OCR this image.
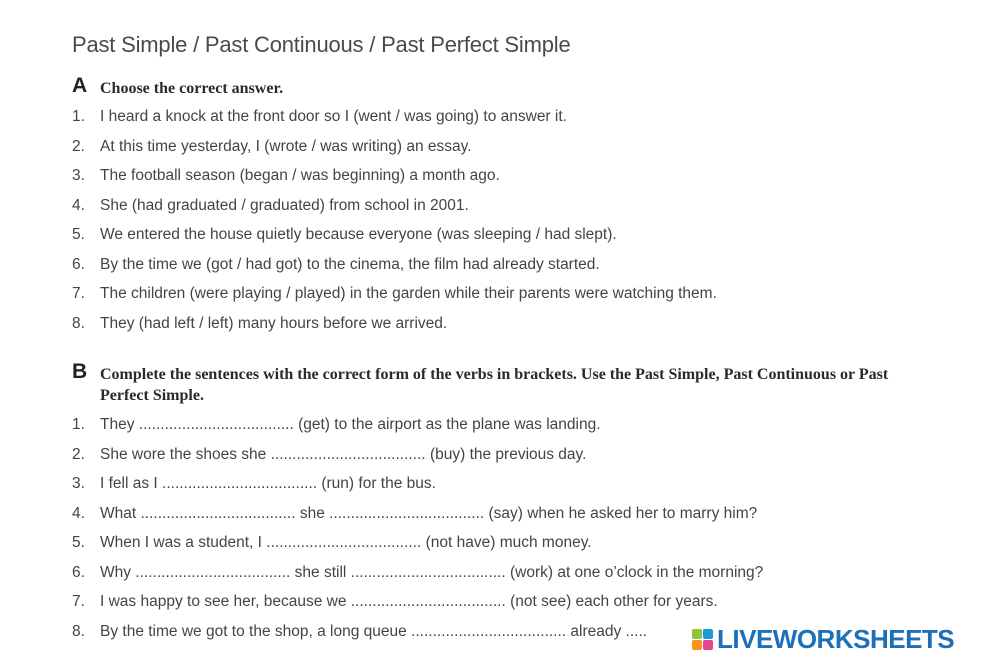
Past Simple / Past Continuous / Past Perfect Simple
A Choose the correct answer.
1. I heard a knock at the front door so I (went / was going) to answer it.
2. At this time yesterday, I (wrote / was writing) an essay.
3. The football season (began / was beginning) a month ago.
4. She (had graduated / graduated) from school in 2001.
5. We entered the house quietly because everyone (was sleeping / had slept).
6. By the time we (got / had got) to the cinema, the film had already started.
7. The children (were playing / played) in the garden while their parents were watching them.
8. They (had left / left) many hours before we arrived.
B Complete the sentences with the correct form of the verbs in brackets. Use the Past Simple, Past Continuous or Past Perfect Simple.
1. They .................................... (get) to the airport as the plane was landing.
2. She wore the shoes she .................................... (buy) the previous day.
3. I fell as I .................................... (run) for the bus.
4. What .................................... she .................................... (say) when he asked her to marry him?
5. When I was a student, I .................................... (not have) much money.
6. Why .................................... she still .................................... (work) at one o’clock in the morning?
7. I was happy to see her, because we .................................... (not see) each other for years.
8. By the time we got to the shop, a long queue .................................... already .....	LIVEWORKSHEETS
